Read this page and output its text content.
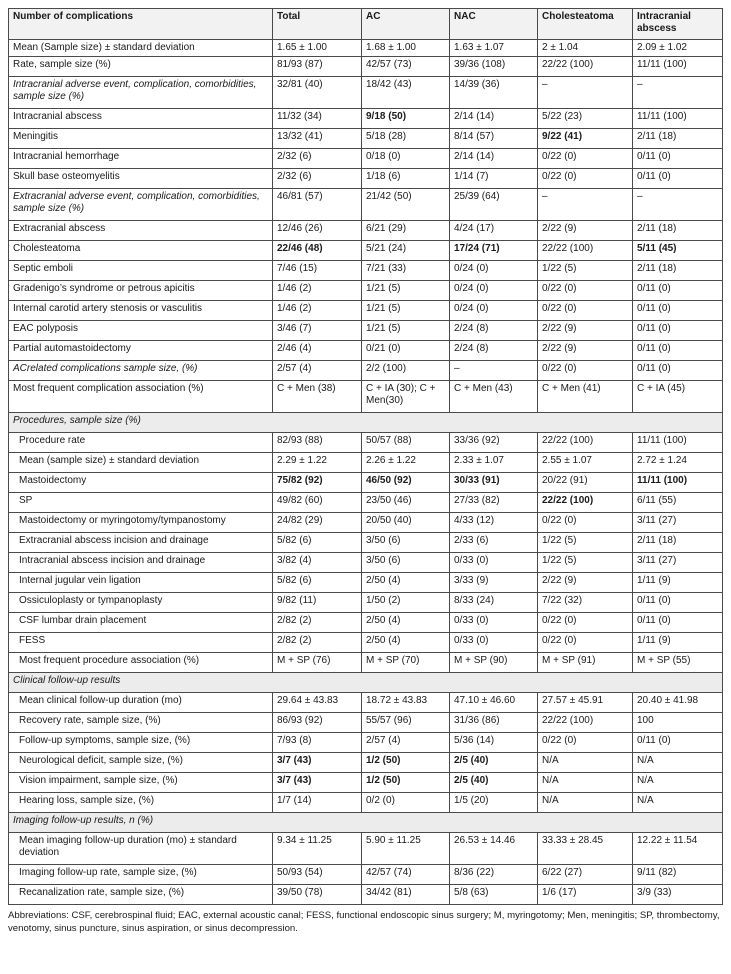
Number of complications	Total	AC	NAC	Cholesteatoma	Intracranial abscess
Mean (Sample size) ± standard deviation	1.65 ± 1.00	1.68 ± 1.00	1.63 ± 1.07	2 ± 1.04	2.09 ± 1.02
Rate, sample size (%)	81/93 (87)	42/57 (73)	39/36 (108)	22/22 (100)	11/11 (100)
Intracranial adverse event, complication, comorbidities, sample size (%)	32/81 (40)	18/42 (43)	14/39 (36)	–	–
Intracranial abscess	11/32 (34)	9/18 (50)	2/14 (14)	5/22 (23)	11/11 (100)
Meningitis	13/32 (41)	5/18 (28)	8/14 (57)	9/22 (41)	2/11 (18)
Intracranial hemorrhage	2/32 (6)	0/18 (0)	2/14 (14)	0/22 (0)	0/11 (0)
Skull base osteomyelitis	2/32 (6)	1/18 (6)	1/14 (7)	0/22 (0)	0/11 (0)
Extracranial adverse event, complication, comorbidities, sample size (%)	46/81 (57)	21/42 (50)	25/39 (64)	–	–
Extracranial abscess	12/46 (26)	6/21 (29)	4/24 (17)	2/22 (9)	2/11 (18)
Cholesteatoma	22/46 (48)	5/21 (24)	17/24 (71)	22/22 (100)	5/11 (45)
Septic emboli	7/46 (15)	7/21 (33)	0/24 (0)	1/22 (5)	2/11 (18)
Gradenigo’s syndrome or petrous apicitis	1/46 (2)	1/21 (5)	0/24 (0)	0/22 (0)	0/11 (0)
Internal carotid artery stenosis or vasculitis	1/46 (2)	1/21 (5)	0/24 (0)	0/22 (0)	0/11 (0)
EAC polyposis	3/46 (7)	1/21 (5)	2/24 (8)	2/22 (9)	0/11 (0)
Partial automastoidectomy	2/46 (4)	0/21 (0)	2/24 (8)	2/22 (9)	0/11 (0)
ACrelated complications sample size, (%)	2/57 (4)	2/2 (100)	–	0/22 (0)	0/11 (0)
Most frequent complication association (%)	C + Men (38)	C + IA (30); C + Men(30)	C + Men (43)	C + Men (41)	C + IA (45)
Procedures, sample size (%)					
Procedure rate	82/93 (88)	50/57 (88)	33/36 (92)	22/22 (100)	11/11 (100)
Mean (sample size) ± standard deviation	2.29 ± 1.22	2.26 ± 1.22	2.33 ± 1.07	2.55 ± 1.07	2.72 ± 1.24
Mastoidectomy	75/82 (92)	46/50 (92)	30/33 (91)	20/22 (91)	11/11 (100)
SP	49/82 (60)	23/50 (46)	27/33 (82)	22/22 (100)	6/11 (55)
Mastoidectomy or myringotomy/tympanostomy	24/82 (29)	20/50 (40)	4/33 (12)	0/22 (0)	3/11 (27)
Extracranial abscess incision and drainage	5/82 (6)	3/50 (6)	2/33 (6)	1/22 (5)	2/11 (18)
Intracranial abscess incision and drainage	3/82 (4)	3/50 (6)	0/33 (0)	1/22 (5)	3/11 (27)
Internal jugular vein ligation	5/82 (6)	2/50 (4)	3/33 (9)	2/22 (9)	1/11 (9)
Ossiculoplasty or tympanoplasty	9/82 (11)	1/50 (2)	8/33 (24)	7/22 (32)	0/11 (0)
CSF lumbar drain placement	2/82 (2)	2/50 (4)	0/33 (0)	0/22 (0)	0/11 (0)
FESS	2/82 (2)	2/50 (4)	0/33 (0)	0/22 (0)	1/11 (9)
Most frequent procedure association (%)	M + SP (76)	M + SP (70)	M + SP (90)	M + SP (91)	M + SP (55)
Clinical follow-up results					
Mean clinical follow-up duration (mo)	29.64 ± 43.83	18.72 ± 43.83	47.10 ± 46.60	27.57 ± 45.91	20.40 ± 41.98
Recovery rate, sample size, (%)	86/93 (92)	55/57 (96)	31/36 (86)	22/22 (100)	100
Follow-up symptoms, sample size, (%)	7/93 (8)	2/57 (4)	5/36 (14)	0/22 (0)	0/11 (0)
Neurological deficit, sample size, (%)	3/7 (43)	1/2 (50)	2/5 (40)	N/A	N/A
Vision impairment, sample size, (%)	3/7 (43)	1/2 (50)	2/5 (40)	N/A	N/A
Hearing loss, sample size, (%)	1/7 (14)	0/2 (0)	1/5 (20)	N/A	N/A
Imaging follow-up results, n (%)					
Mean imaging follow-up duration (mo) ± standard deviation	9.34 ± 11.25	5.90 ± 11.25	26.53 ± 14.46	33.33 ± 28.45	12.22 ± 11.54
Imaging follow-up rate, sample size, (%)	50/93 (54)	42/57 (74)	8/36 (22)	6/22 (27)	9/11 (82)
Recanalization rate, sample size, (%)	39/50 (78)	34/42 (81)	5/8 (63)	1/6 (17)	3/9 (33)
Abbreviations: CSF, cerebrospinal fluid; EAC, external acoustic canal; FESS, functional endoscopic sinus surgery; M, myringotomy; Men, meningitis; SP, thrombectomy, venotomy, sinus puncture, sinus aspiration, or sinus decompression.
